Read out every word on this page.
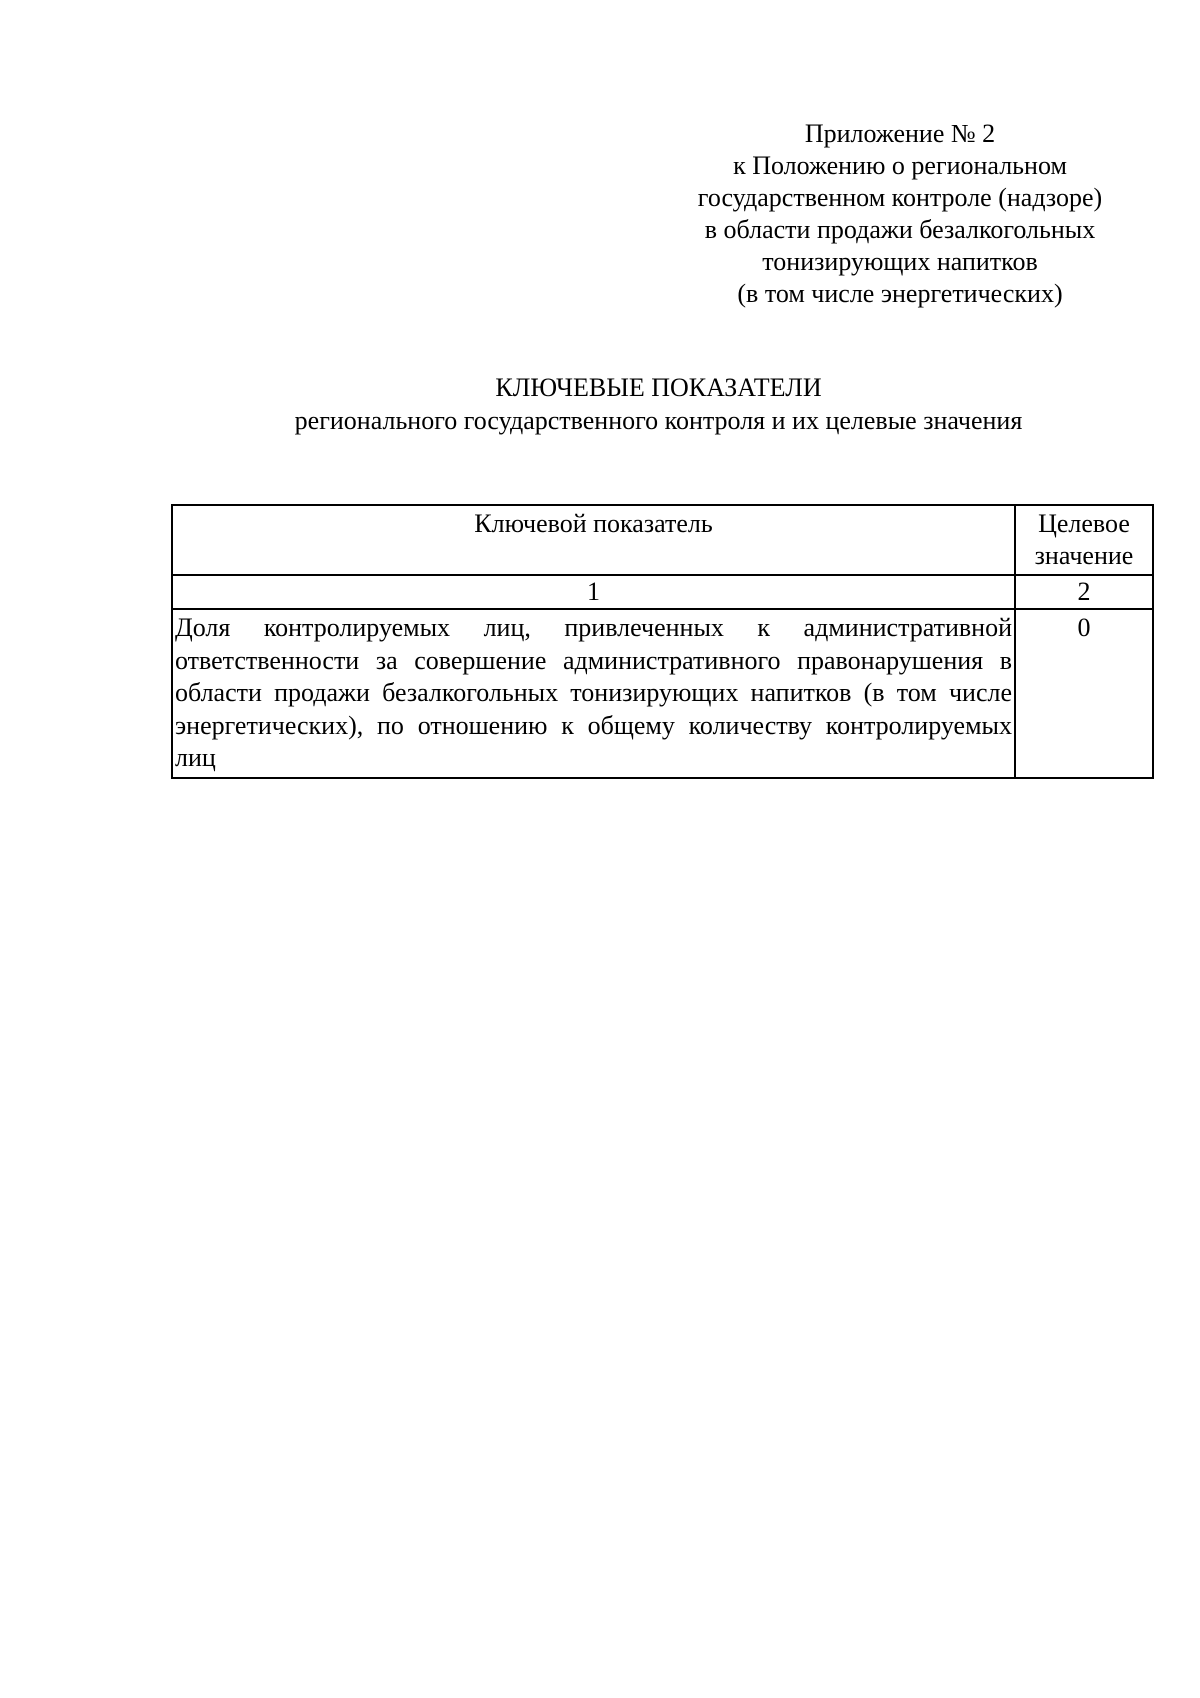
Приложение № 2
к Положению о региональном
государственном контроле (надзоре)
в области продажи безалкогольных
тонизирующих напитков
(в том числе энергетических)
КЛЮЧЕВЫЕ ПОКАЗАТЕЛИ
регионального государственного контроля и их целевые значения
Ключевой показатель	Целевое значение
1	2
Доля контролируемых лиц, привлеченных к административной ответственности за совершение административного правонарушения в области продажи безалкогольных тонизирующих напитков (в том числе энергетических), по отношению к общему количеству контролируемых лиц	0
